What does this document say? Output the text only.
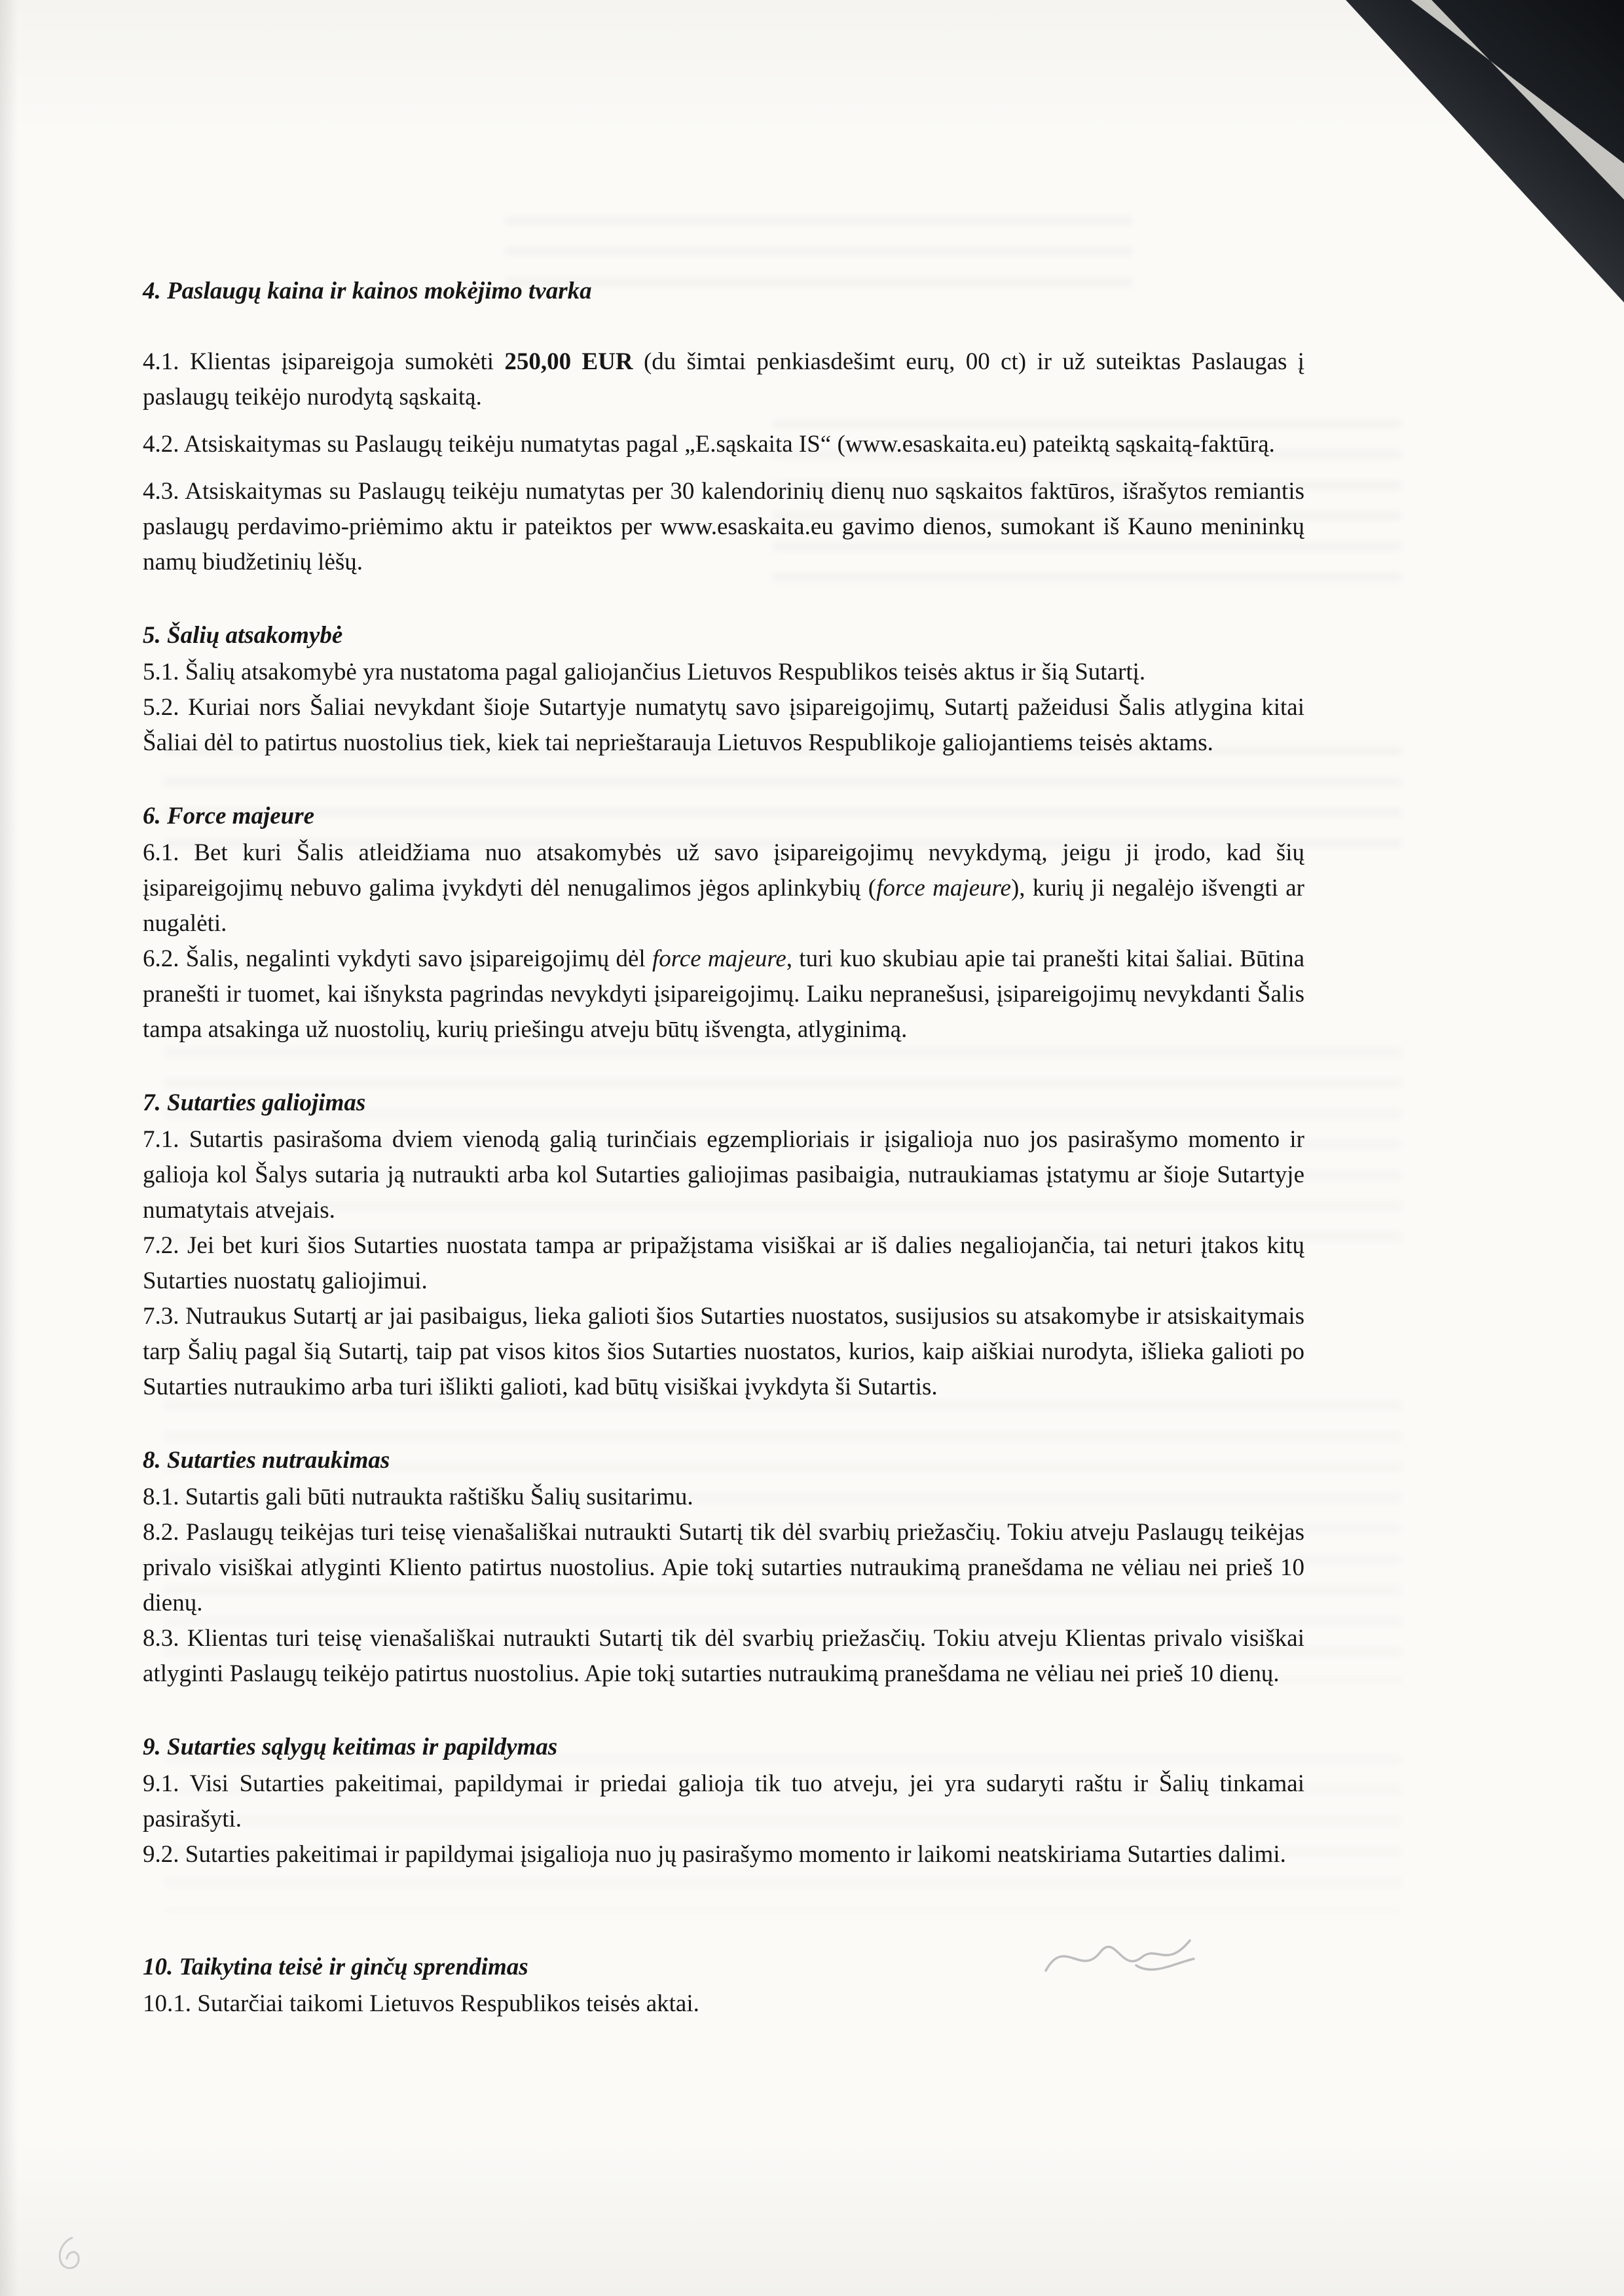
4. Paslaugų kaina ir kainos mokėjimo tvarka

4.1. Klientas įsipareigoja sumokėti 250,00 EUR (du šimtai penkiasdešimt eurų, 00 ct) ir už suteiktas Paslaugas į paslaugų teikėjo nurodytą sąskaitą.

4.2. Atsiskaitymas su Paslaugų teikėju numatytas pagal „E.sąskaita IS“ (www.esaskaita.eu) pateiktą sąskaitą-faktūrą.

4.3. Atsiskaitymas su Paslaugų teikėju numatytas per 30 kalendorinių dienų nuo sąskaitos faktūros, išrašytos remiantis paslaugų perdavimo-priėmimo aktu ir pateiktos per www.esaskaita.eu gavimo dienos, sumokant iš Kauno menininkų namų biudžetinių lėšų.

5. Šalių atsakomybė

5.1. Šalių atsakomybė yra nustatoma pagal galiojančius Lietuvos Respublikos teisės aktus ir šią Sutartį.

5.2. Kuriai nors Šaliai nevykdant šioje Sutartyje numatytų savo įsipareigojimų, Sutartį pažeidusi Šalis atlygina kitai Šaliai dėl to patirtus nuostolius tiek, kiek tai neprieštarauja Lietuvos Respublikoje galiojantiems teisės aktams.

6. Force majeure

6.1. Bet kuri Šalis atleidžiama nuo atsakomybės už savo įsipareigojimų nevykdymą, jeigu ji įrodo, kad šių įsipareigojimų nebuvo galima įvykdyti dėl nenugalimos jėgos aplinkybių (force majeure), kurių ji negalėjo išvengti ar nugalėti.

6.2. Šalis, negalinti vykdyti savo įsipareigojimų dėl force majeure, turi kuo skubiau apie tai pranešti kitai šaliai. Būtina pranešti ir tuomet, kai išnyksta pagrindas nevykdyti įsipareigojimų. Laiku nepranešusi, įsipareigojimų nevykdanti Šalis tampa atsakinga už nuostolių, kurių priešingu atveju būtų išvengta, atlyginimą.

7. Sutarties galiojimas

7.1. Sutartis pasirašoma dviem vienodą galią turinčiais egzemplioriais ir įsigalioja nuo jos pasirašymo momento ir galioja kol Šalys sutaria ją nutraukti arba kol Sutarties galiojimas pasibaigia, nutraukiamas įstatymu ar šioje Sutartyje numatytais atvejais.

7.2. Jei bet kuri šios Sutarties nuostata tampa ar pripažįstama visiškai ar iš dalies negaliojančia, tai neturi įtakos kitų Sutarties nuostatų galiojimui.

7.3. Nutraukus Sutartį ar jai pasibaigus, lieka galioti šios Sutarties nuostatos, susijusios su atsakomybe ir atsiskaitymais tarp Šalių pagal šią Sutartį, taip pat visos kitos šios Sutarties nuostatos, kurios, kaip aiškiai nurodyta, išlieka galioti po Sutarties nutraukimo arba turi išlikti galioti, kad būtų visiškai įvykdyta ši Sutartis.

8. Sutarties nutraukimas

8.1. Sutartis gali būti nutraukta raštišku Šalių susitarimu.

8.2. Paslaugų teikėjas turi teisę vienašališkai nutraukti Sutartį tik dėl svarbių priežasčių. Tokiu atveju Paslaugų teikėjas privalo visiškai atlyginti Kliento patirtus nuostolius. Apie tokį sutarties nutraukimą pranešdama ne vėliau nei prieš 10 dienų.

8.3. Klientas turi teisę vienašališkai nutraukti Sutartį tik dėl svarbių priežasčių. Tokiu atveju Klientas privalo visiškai atlyginti Paslaugų teikėjo patirtus nuostolius. Apie tokį sutarties nutraukimą pranešdama ne vėliau nei prieš 10 dienų.

9. Sutarties sąlygų keitimas ir papildymas

9.1. Visi Sutarties pakeitimai, papildymai ir priedai galioja tik tuo atveju, jei yra sudaryti raštu ir Šalių tinkamai pasirašyti.

9.2. Sutarties pakeitimai ir papildymai įsigalioja nuo jų pasirašymo momento ir laikomi neatskiriama Sutarties dalimi.

10. Taikytina teisė ir ginčų sprendimas

10.1. Sutarčiai taikomi Lietuvos Respublikos teisės aktai.
